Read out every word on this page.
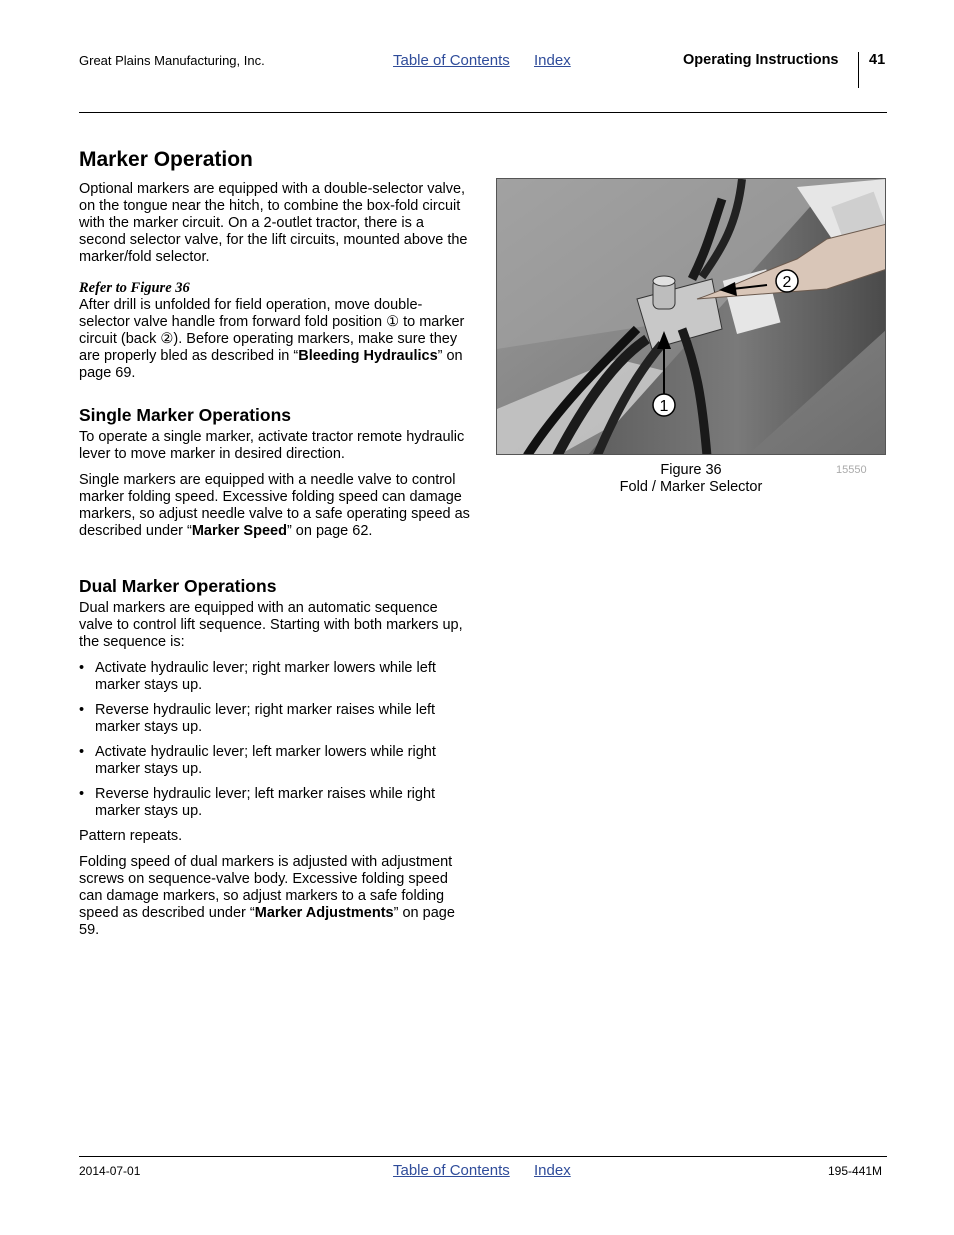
Great Plains Manufacturing, Inc.	Table of Contents Index	Operating Instructions 41
Marker Operation

Optional markers are equipped with a double-selector valve, on the tongue near the hitch, to combine the box-fold circuit with the marker circuit. On a 2-outlet tractor, there is a second selector valve, for the lift circuits, mounted above the marker/fold selector.

Refer to Figure 36

After drill is unfolded for field operation, move double-selector valve handle from forward fold position ① to marker circuit (back ②). Before operating markers, make sure they are properly bled as described in “Bleeding Hydraulics” on page 69.

Single Marker Operations

To operate a single marker, activate tractor remote hydraulic lever to move marker in desired direction.

Single markers are equipped with a needle valve to control marker folding speed. Excessive folding speed can damage markers, so adjust needle valve to a safe operating speed as described under “Marker Speed” on page 62.

Dual Marker Operations

Dual markers are equipped with an automatic sequence valve to control lift sequence. Starting with both markers up, the sequence is:

• Activate hydraulic lever; right marker lowers while left marker stays up.
• Reverse hydraulic lever; right marker raises while left marker stays up.
• Activate hydraulic lever; left marker lowers while right marker stays up.
• Reverse hydraulic lever; left marker raises while right marker stays up.

Pattern repeats.

Folding speed of dual markers is adjusted with adjustment screws on sequence-valve body. Excessive folding speed can damage markers, so adjust markers to a safe folding speed as described under “Marker Adjustments” on page 59.

1
2
Figure 36
Fold / Marker Selector
15550
2014-07-01	Table of Contents Index	195-441M
